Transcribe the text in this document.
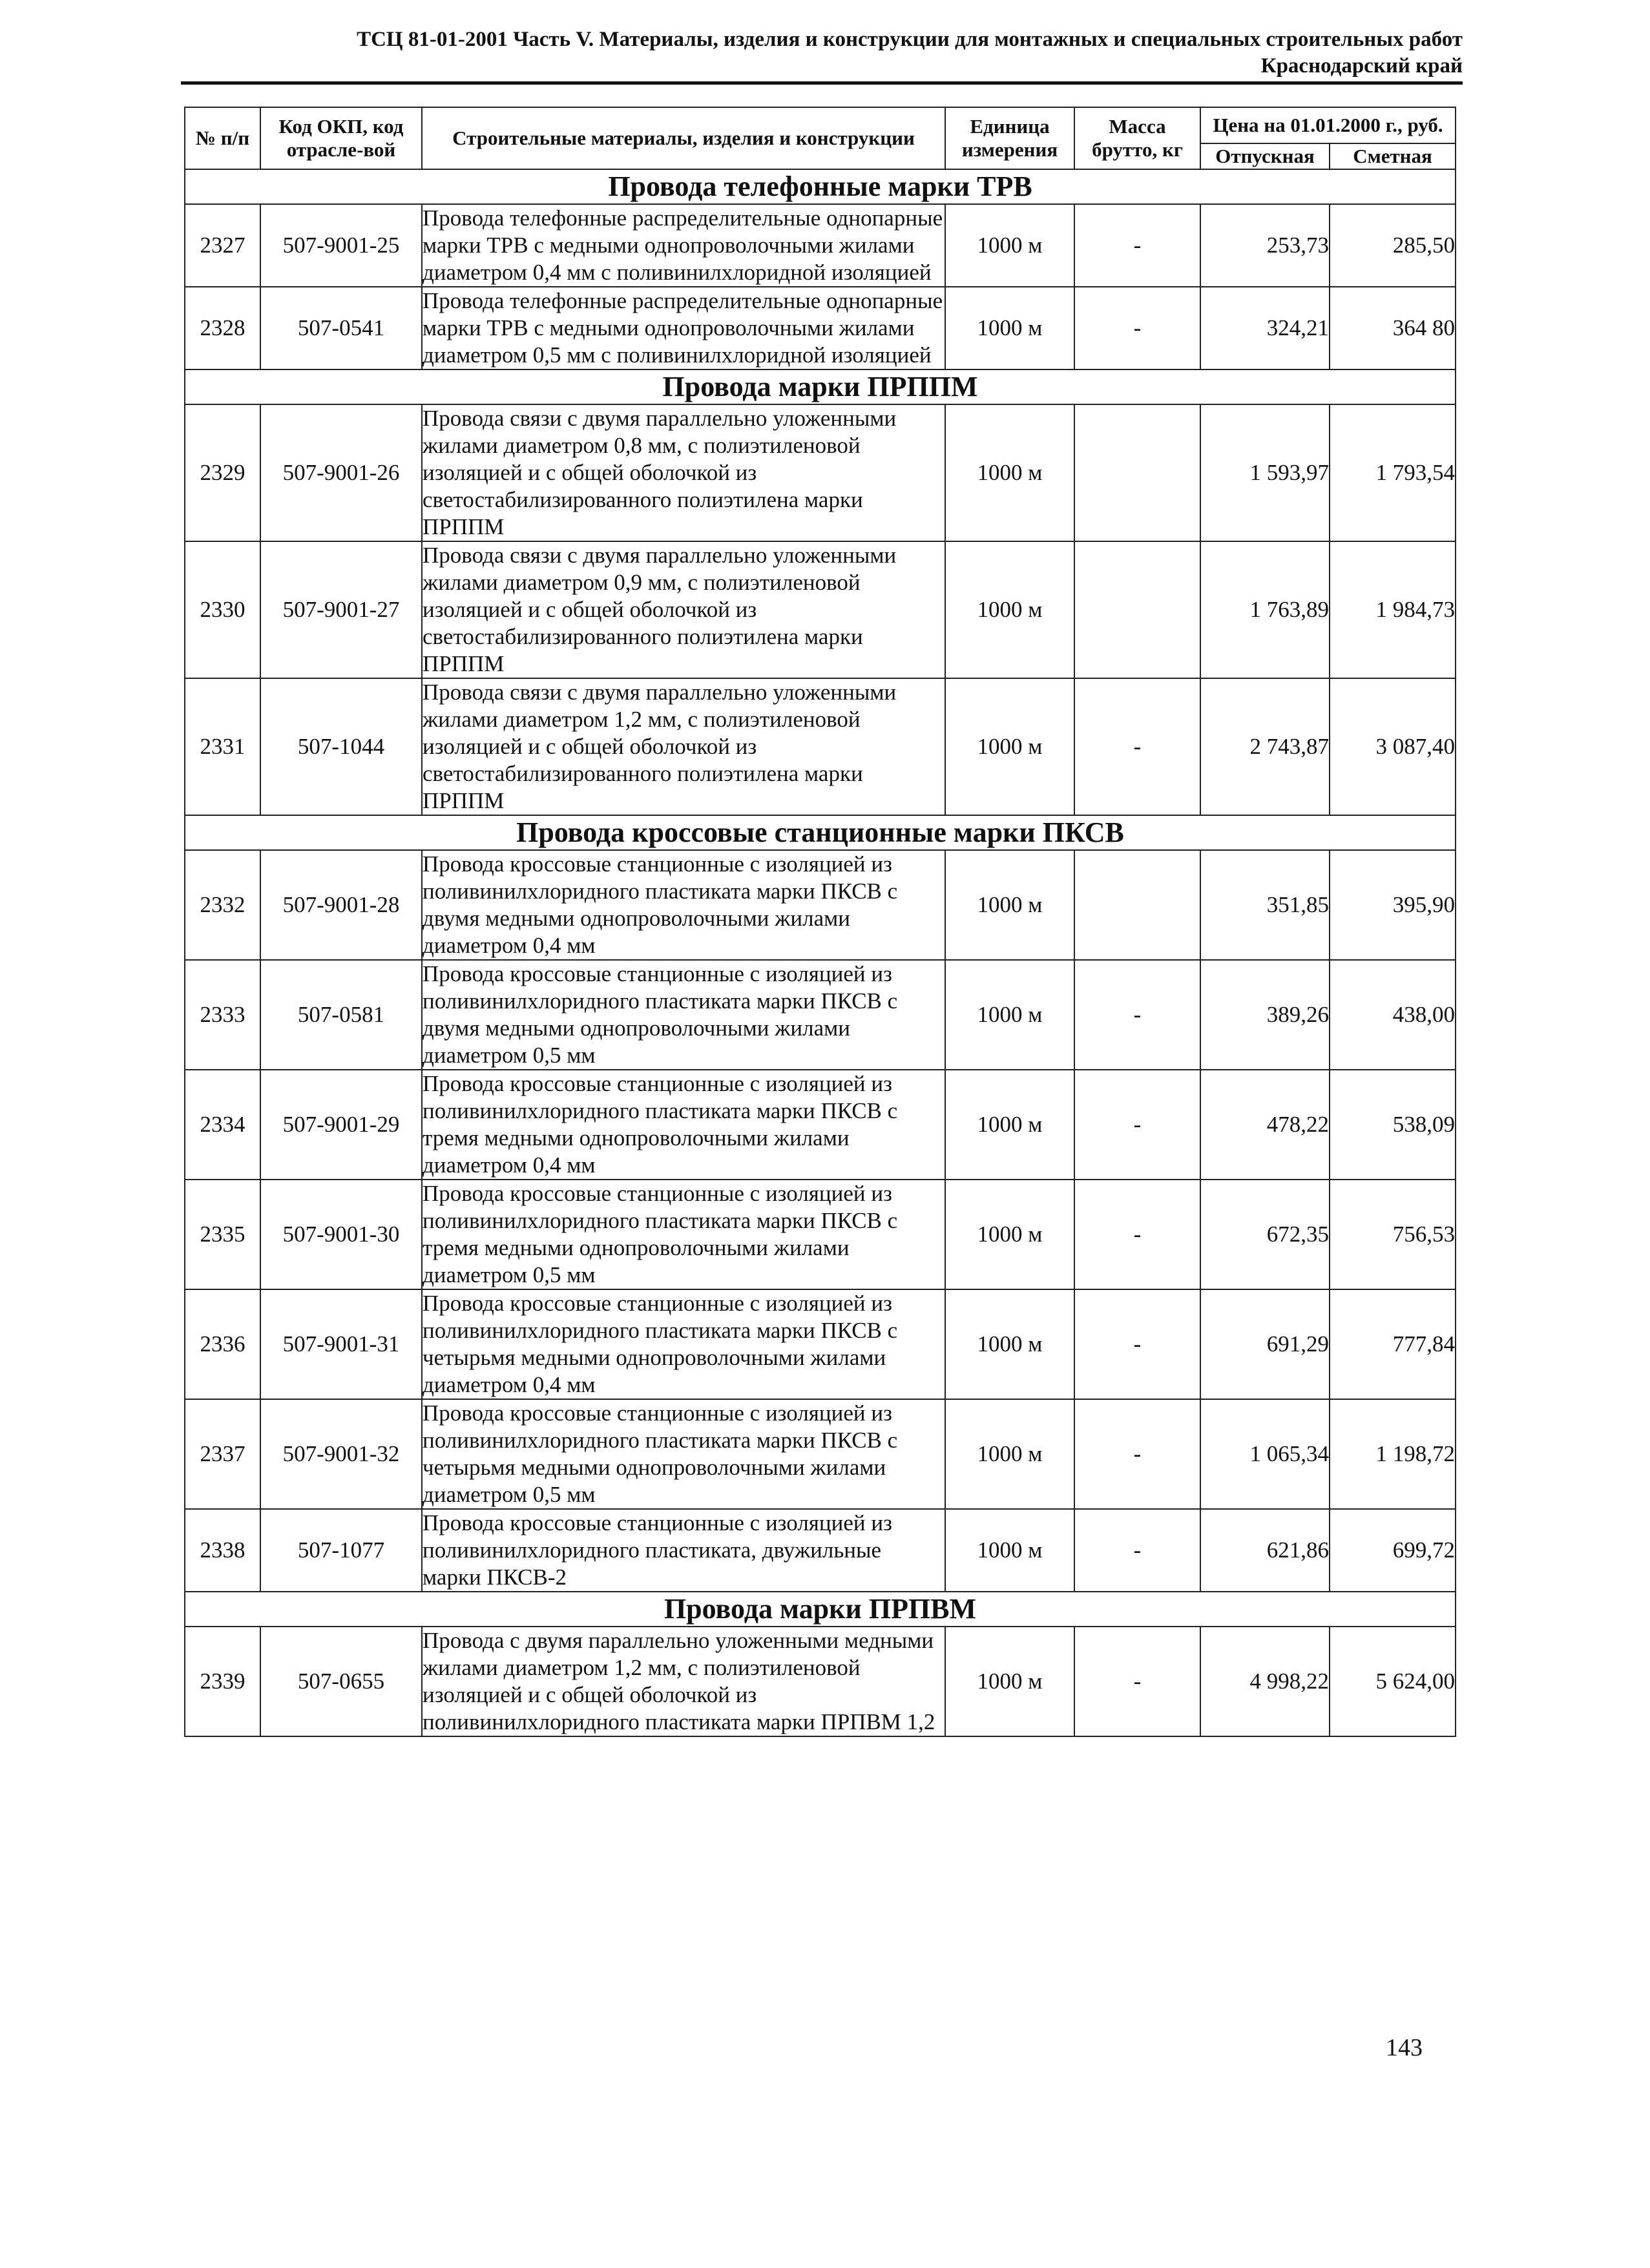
ТСЦ 81-01-2001 Часть V. Материалы, изделия и конструкции для монтажных и специальных строительных работ
Краснодарский край
№ п/п	Код ОКП, код отрасле-вой	Строительные материалы, изделия и конструкции	Единица измерения	Масса брутто, кг	Цена на 01.01.2000 г., руб.	
					Отпускная	Сметная
Провода телефонные марки ТРВ						
2327	507-9001-25	Провода телефонные распределительные однопарные марки ТРВ с медными однопроволочными жилами диаметром 0,4 мм с поливинилхлоридной изоляцией	1000 м	-	253,73	285,50
2328	507-0541	Провода телефонные распределительные однопарные марки ТРВ с медными однопроволочными жилами диаметром 0,5 мм с поливинилхлоридной изоляцией	1000 м	-	324,21	364 80
Провода марки ПРППМ						
2329	507-9001-26	Провода связи с двумя параллельно уложенными жилами диаметром 0,8 мм, с полиэтиленовой изоляцией и с общей оболочкой из светостабилизированного полиэтилена марки ПРППМ	1000 м		1 593,97	1 793,54
2330	507-9001-27	Провода связи с двумя параллельно уложенными жилами диаметром 0,9 мм, с полиэтиленовой изоляцией и с общей оболочкой из светостабилизированного полиэтилена марки ПРППМ	1000 м		1 763,89	1 984,73
2331	507-1044	Провода связи с двумя параллельно уложенными жилами диаметром 1,2 мм, с полиэтиленовой изоляцией и с общей оболочкой из светостабилизированного полиэтилена марки ПРППМ	1000 м	-	2 743,87	3 087,40
Провода кроссовые станционные марки ПКСВ						
2332	507-9001-28	Провода кроссовые станционные с изоляцией из поливинилхлоридного пластиката марки ПКСВ с двумя медными однопроволочными жилами диаметром 0,4 мм	1000 м		351,85	395,90
2333	507-0581	Провода кроссовые станционные с изоляцией из поливинилхлоридного пластиката марки ПКСВ с двумя медными однопроволочными жилами диаметром 0,5 мм	1000 м	-	389,26	438,00
2334	507-9001-29	Провода кроссовые станционные с изоляцией из поливинилхлоридного пластиката марки ПКСВ с тремя медными однопроволочными жилами диаметром 0,4 мм	1000 м	-	478,22	538,09
2335	507-9001-30	Провода кроссовые станционные с изоляцией из поливинилхлоридного пластиката марки ПКСВ с тремя медными однопроволочными жилами диаметром 0,5 мм	1000 м	-	672,35	756,53
2336	507-9001-31	Провода кроссовые станционные с изоляцией из поливинилхлоридного пластиката марки ПКСВ с четырьмя медными однопроволочными жилами диаметром 0,4 мм	1000 м	-	691,29	777,84
2337	507-9001-32	Провода кроссовые станционные с изоляцией из поливинилхлоридного пластиката марки ПКСВ с четырьмя медными однопроволочными жилами диаметром 0,5 мм	1000 м	-	1 065,34	1 198,72
2338	507-1077	Провода кроссовые станционные с изоляцией из поливинилхлоридного пластиката, двужильные марки ПКСВ-2	1000 м	-	621,86	699,72
Провода марки ПРПВМ						
2339	507-0655	Провода с двумя параллельно уложенными медными жилами диаметром 1,2 мм, с полиэтиленовой изоляцией и с общей оболочкой из поливинилхлоридного пластиката марки ПРПВМ 1,2	1000 м	-	4 998,22	5 624,00
143
